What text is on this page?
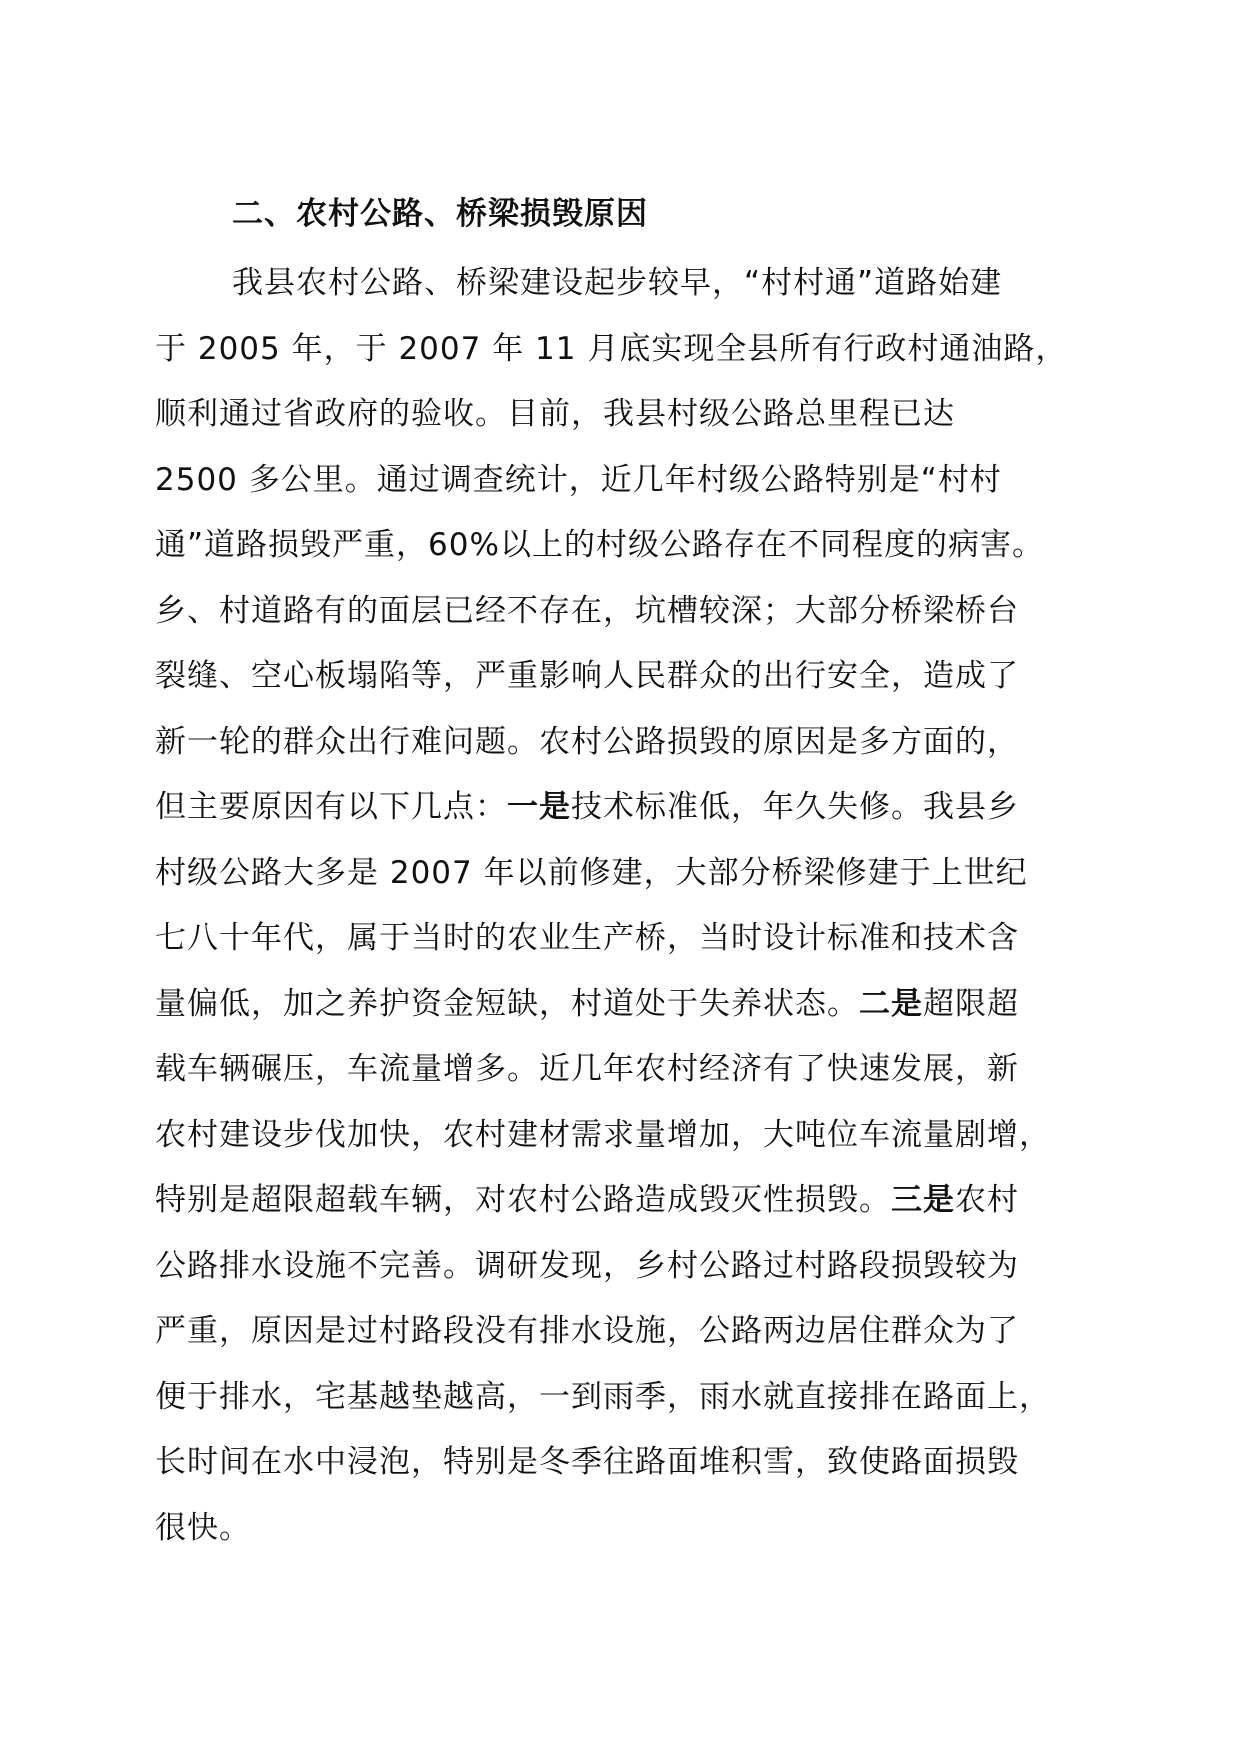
二、农村公路、桥梁损毁原因
我县农村公路、桥梁建设起步较早，“村村通”道路始建
于 2005 年，于 2007 年 11 月底实现全县所有行政村通油路，
顺利通过省政府的验收。目前，我县村级公路总里程已达
2500 多公里。通过调查统计，近几年村级公路特别是“村村
通”道路损毁严重，60%以上的村级公路存在不同程度的病害。
乡、村道路有的面层已经不存在，坑槽较深；大部分桥梁桥台
裂缝、空心板塌陷等，严重影响人民群众的出行安全，造成了
新一轮的群众出行难问题。农村公路损毁的原因是多方面的，
但主要原因有以下几点：一是技术标准低，年久失修。我县乡
村级公路大多是 2007 年以前修建，大部分桥梁修建于上世纪
七八十年代，属于当时的农业生产桥，当时设计标准和技术含
量偏低，加之养护资金短缺，村道处于失养状态。二是超限超
载车辆碾压，车流量增多。近几年农村经济有了快速发展，新
农村建设步伐加快，农村建材需求量增加，大吨位车流量剧增，
特别是超限超载车辆，对农村公路造成毁灭性损毁。三是农村
公路排水设施不完善。调研发现，乡村公路过村路段损毁较为
严重，原因是过村路段没有排水设施，公路两边居住群众为了
便于排水，宅基越垫越高，一到雨季，雨水就直接排在路面上，
长时间在水中浸泡，特别是冬季往路面堆积雪，致使路面损毁
很快。
